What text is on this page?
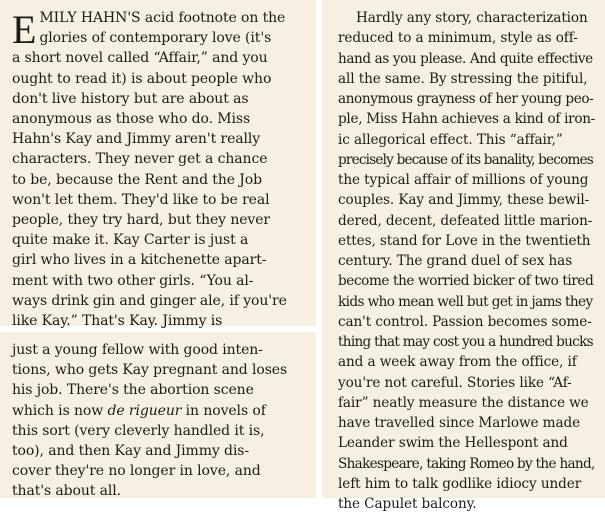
E MILY HAHN'S acid footnote on the
glories of contemporary love (it's
a short novel called “Affair,” and you
ought to read it) is about people who
don't live history but are about as
anonymous as those who do. Miss
Hahn's Kay and Jimmy aren't really
characters. They never get a chance
to be, because the Rent and the Job
won't let them. They'd like to be real
people, they try hard, but they never
quite make it. Kay Carter is just a
girl who lives in a kitchenette apart-
ment with two other girls. “You al-
ways drink gin and ginger ale, if you're
like Kay.” That's Kay. Jimmy is
just a young fellow with good inten-
tions, who gets Kay pregnant and loses
his job. There's the abortion scene
which is now de rigueur in novels of
this sort (very cleverly handled it is,
too), and then Kay and Jimmy dis-
cover they're no longer in love, and
that's about all.
Hardly any story, characterization
reduced to a minimum, style as off-
hand as you please. And quite effective
all the same. By stressing the pitiful,
anonymous grayness of her young peo-
ple, Miss Hahn achieves a kind of iron-
ic allegorical effect. This “affair,”
precisely because of its banality, becomes
the typical affair of millions of young
couples. Kay and Jimmy, these bewil-
dered, decent, defeated little marion-
ettes, stand for Love in the twentieth
century. The grand duel of sex has
become the worried bicker of two tired
kids who mean well but get in jams they
can't control. Passion becomes some-
thing that may cost you a hundred bucks
and a week away from the office, if
you're not careful. Stories like “Af-
fair” neatly measure the distance we
have travelled since Marlowe made
Leander swim the Hellespont and
Shakespeare, taking Romeo by the hand,
left him to talk godlike idiocy under
the Capulet balcony.
